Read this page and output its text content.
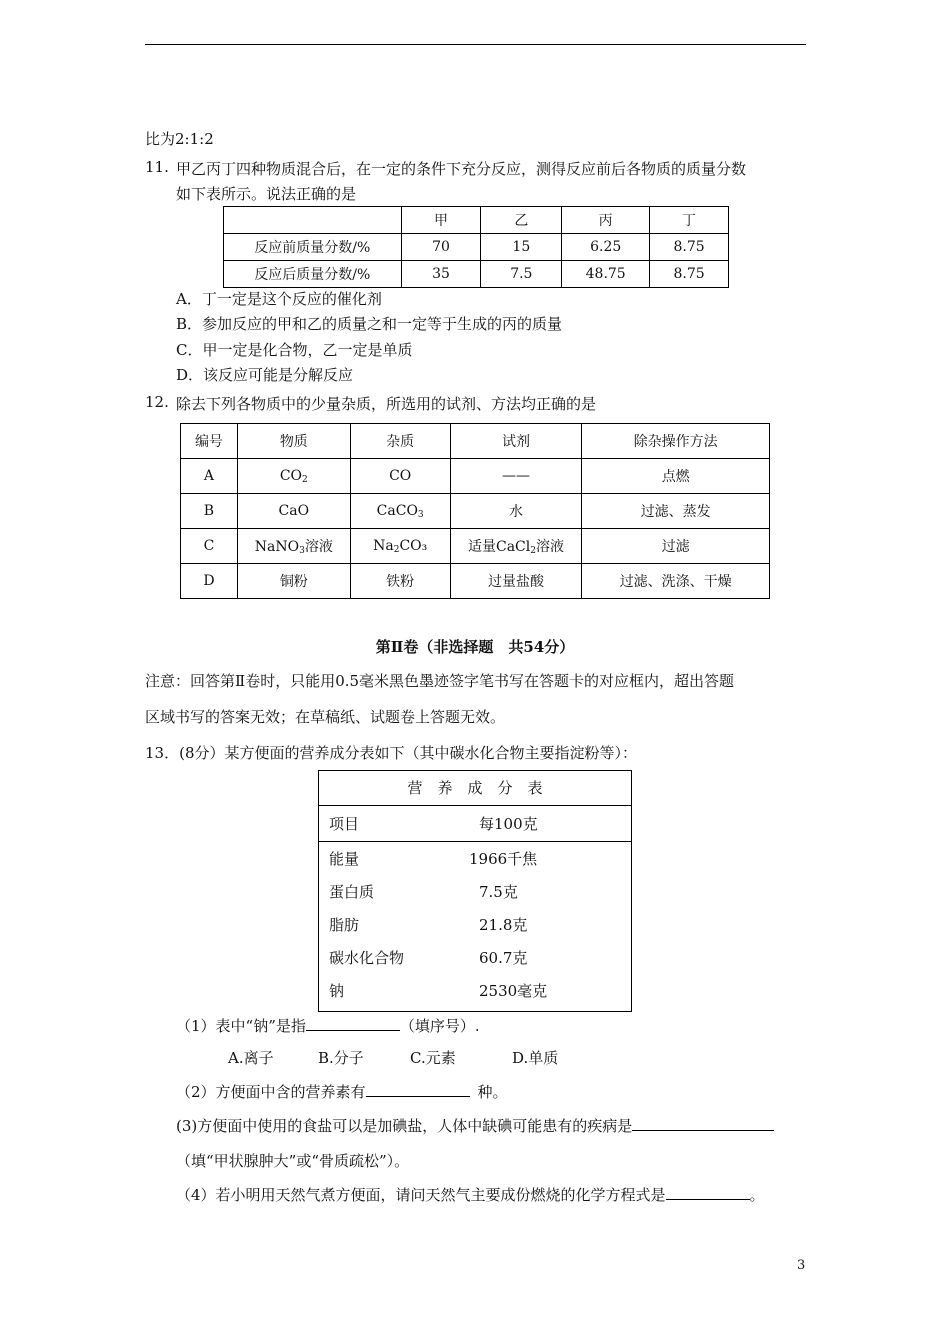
比为2:1:2
11. 甲乙丙丁四种物质混合后，在一定的条件下充分反应，测得反应前后各物质的质量分数
如下表所示。说法正确的是
	甲	乙	丙	丁
反应前质量分数/%	70	15	6.25	8.75
反应后质量分数/%	35	7.5	48.75	8.75
A．丁一定是这个反应的催化剂
B．参加反应的甲和乙的质量之和一定等于生成的丙的质量
C．甲一定是化合物，乙一定是单质
D．该反应可能是分解反应
12. 除去下列各物质中的少量杂质，所选用的试剂、方法均正确的是
编号	物质	杂质	试剂	除杂操作方法
A	$CO_2$	CO	——	点燃
B	CaO	CaCO$_3$	水	过滤、蒸发
C	NaNO$_3$溶液	$Na_2CO_3$	适量CaCl$_2$溶液	过滤
D	铜粉	铁粉	过量盐酸	过滤、洗涤、干燥
第Ⅱ卷（非选择题　共54分）
注意：回答第Ⅱ卷时，只能用0.5毫米黑色墨迹签字笔书写在答题卡的对应框内，超出答题
区域书写的答案无效；在草稿纸、试题卷上答题无效。
13．(8分）某方便面的营养成分表如下（其中碳水化合物主要指淀粉等）：
营　养　成　分　表
项目	每100克
能量	1966千焦
蛋白质	7.5克
脂肪	21.8克
碳水化合物	60.7克
钠	2530毫克
（1）表中“钠”是指	（填序号）.
A.离子	B.分子	C.元素	D.单质
（2）方便面中含的营养素有	种。
(3)方便面中使用的食盐可以是加碘盐，人体中缺碘可能患有的疾病是
（填“甲状腺肿大”或“骨质疏松”）。
（4）若小明用天然气煮方便面，请问天然气主要成份燃烧的化学方程式是	。
3
